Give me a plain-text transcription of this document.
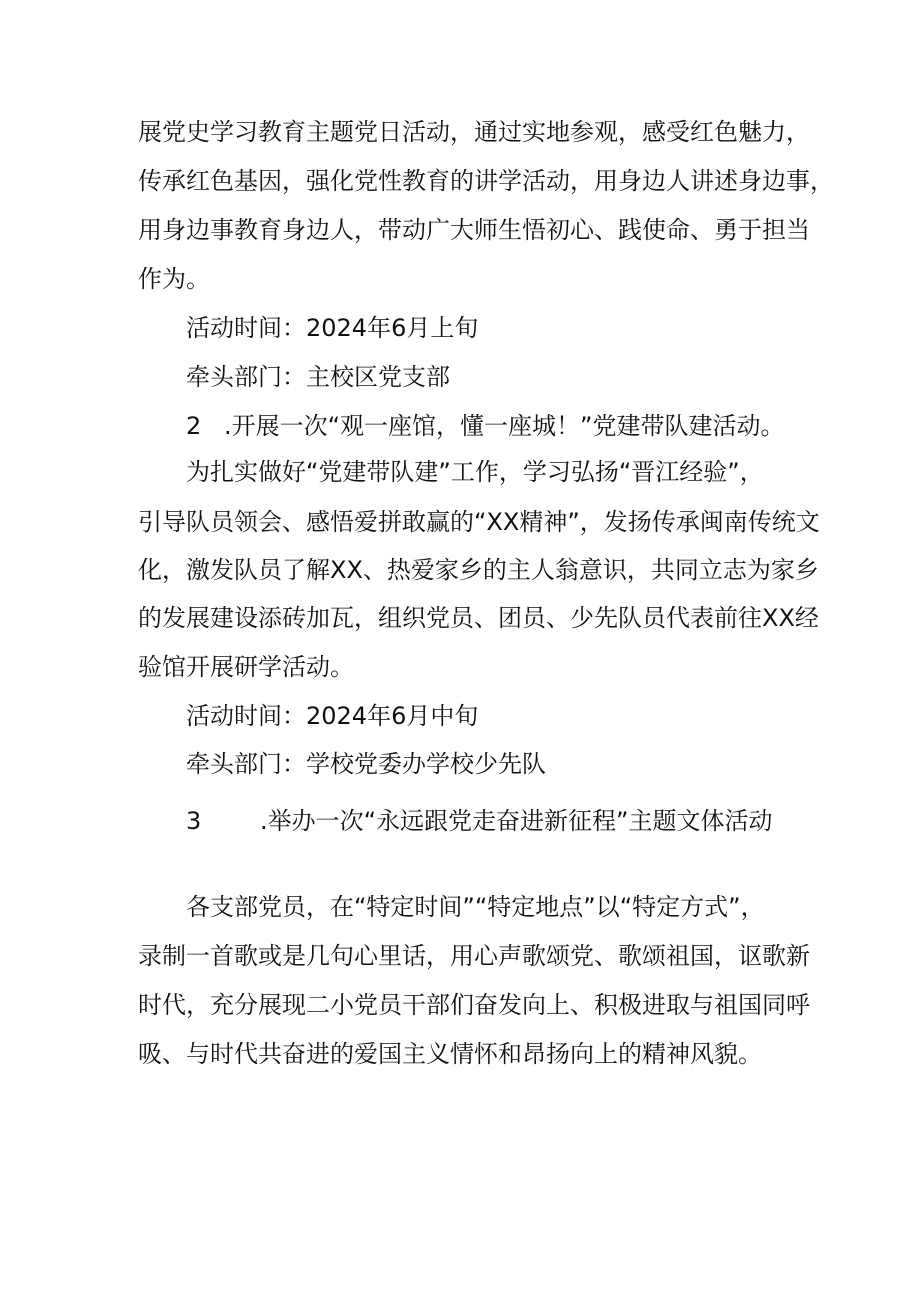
展党史学习教育主题党日活动，通过实地参观，感受红色魅力，
传承红色基因，强化党性教育的讲学活动，用身边人讲述身边事，
用身边事教育身边人，带动广大师生悟初心、践使命、勇于担当
作为。
活动时间：2024年6月上旬
牵头部门：主校区党支部
2 .开展一次“观一座馆，懂一座城！”党建带队建活动。
为扎实做好“党建带队建”工作，学习弘扬“晋江经验”，
引导队员领会、感悟爱拼敢赢的“XX精神”，发扬传承闽南传统文
化，激发队员了解XX、热爱家乡的主人翁意识，共同立志为家乡
的发展建设添砖加瓦，组织党员、团员、少先队员代表前往XX经
验馆开展研学活动。
活动时间：2024年6月中旬
牵头部门：学校党委办学校少先队
3 .举办一次“永远跟党走奋进新征程”主题文体活动
各支部党员，在“特定时间”“特定地点”以“特定方式”，
录制一首歌或是几句心里话，用心声歌颂党、歌颂祖国，讴歌新
时代，充分展现二小党员干部们奋发向上、积极进取与祖国同呼
吸、与时代共奋进的爱国主义情怀和昂扬向上的精神风貌。
